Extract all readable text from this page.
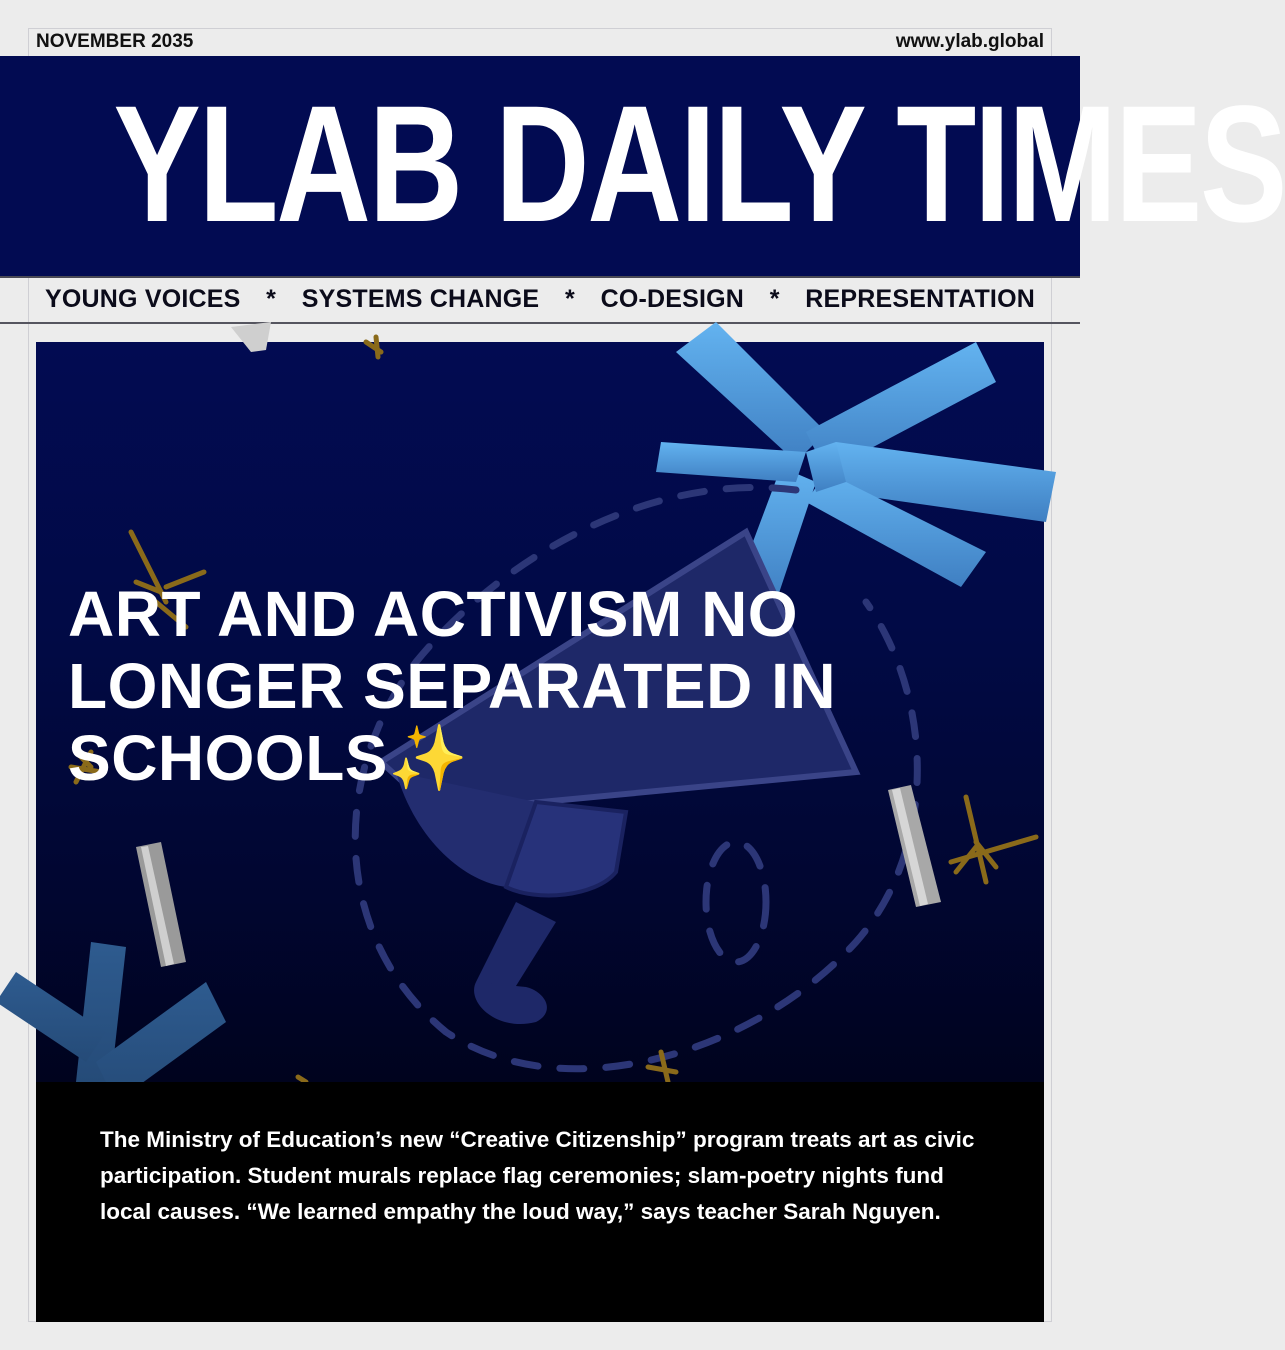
NOVEMBER 2035	www.ylab.global
YLAB DAILY TIMES
YOUNG VOICES * SYSTEMS CHANGE * CO-DESIGN * REPRESENTATION
ART AND ACTIVISM NO LONGER SEPARATED IN SCHOOLS✨

The Ministry of Education’s new “Creative Citizenship” program treats art as civic participation. Student murals replace flag ceremonies; slam-poetry nights fund local causes. “We learned empathy the loud way,” says teacher Sarah Nguyen.
